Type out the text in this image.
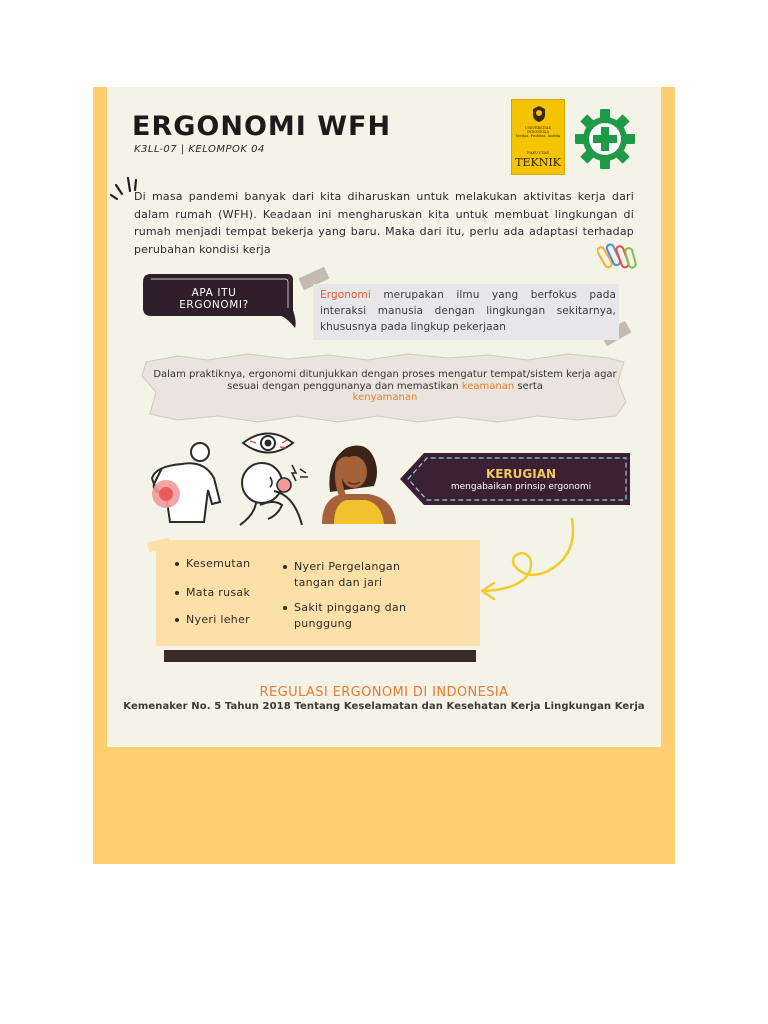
ERGONOMI WFH
K3LL-07 | KELOMPOK 04
UNIVERSITAS
INDONESIA
Veritas, Probitas, Iustitia
FAKULTAS
TEKNIK
Di masa pandemi banyak dari kita diharuskan untuk melakukan aktivitas kerja dari dalam rumah (WFH). Keadaan ini mengharuskan kita untuk membuat lingkungan di rumah menjadi tempat bekerja yang baru. Maka dari itu, perlu ada adaptasi terhadap perubahan kondisi kerja
APA ITU
ERGONOMI?
Ergonomi merupakan ilmu yang berfokus pada interaksi manusia dengan lingkungan sekitarnya, khususnya pada lingkup pekerjaan
Dalam praktiknya, ergonomi ditunjukkan dengan proses mengatur tempat/sistem kerja agar sesuai dengan penggunanya dan memastikan keamanan serta
kenyamanan
KERUGIAN
mengabaikan prinsip ergonomi
Kesemutan
Mata rusak
Nyeri leher
Nyeri Pergelangan
tangan dan jari
Sakit pinggang dan
punggung
REGULASI ERGONOMI DI INDONESIA
Kemenaker No. 5 Tahun 2018 Tentang Keselamatan dan Kesehatan Kerja Lingkungan Kerja
